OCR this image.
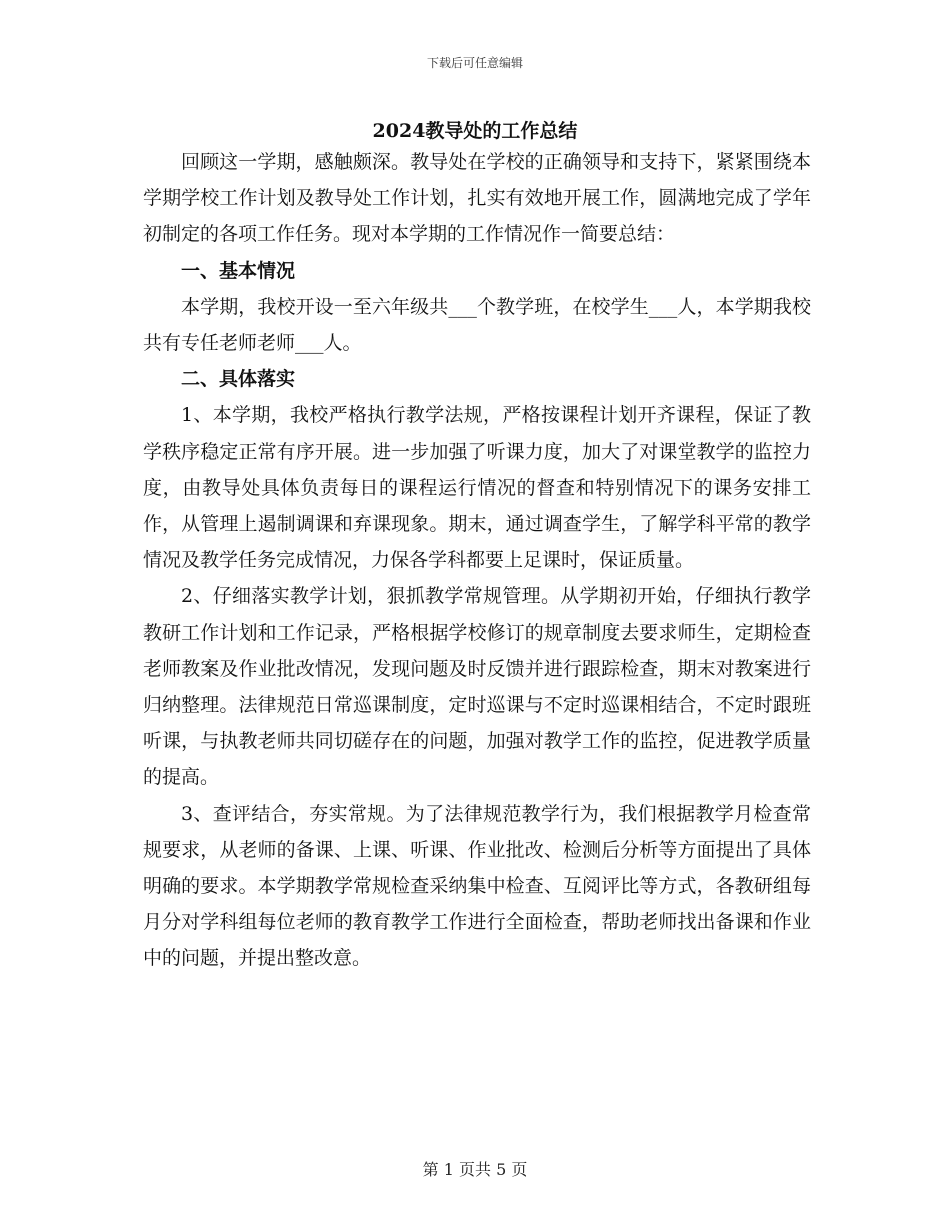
下载后可任意编辑
2024教导处的工作总结

回顾这一学期，感触颇深。教导处在学校的正确领导和支持下，紧紧围绕本学期学校工作计划及教导处工作计划，扎实有效地开展工作，圆满地完成了学年初制定的各项工作任务。现对本学期的工作情况作一简要总结：

一、基本情况

本学期，我校开设一至六年级共___个教学班，在校学生___人，本学期我校共有专任老师老师___人。

二、具体落实

1、本学期，我校严格执行教学法规，严格按课程计划开齐课程，保证了教学秩序稳定正常有序开展。进一步加强了听课力度，加大了对课堂教学的监控力度，由教导处具体负责每日的课程运行情况的督查和特别情况下的课务安排工作，从管理上遏制调课和弃课现象。期末，通过调查学生，了解学科平常的教学情况及教学任务完成情况，力保各学科都要上足课时，保证质量。

2、仔细落实教学计划，狠抓教学常规管理。从学期初开始，仔细执行教学教研工作计划和工作记录，严格根据学校修订的规章制度去要求师生，定期检查老师教案及作业批改情况，发现问题及时反馈并进行跟踪检查，期末对教案进行归纳整理。法律规范日常巡课制度，定时巡课与不定时巡课相结合，不定时跟班听课，与执教老师共同切磋存在的问题，加强对教学工作的监控，促进教学质量的提高。

3、查评结合，夯实常规。为了法律规范教学行为，我们根据教学月检查常规要求，从老师的备课、上课、听课、作业批改、检测后分析等方面提出了具体明确的要求。本学期教学常规检查采纳集中检查、互阅评比等方式，各教研组每月分对学科组每位老师的教育教学工作进行全面检查，帮助老师找出备课和作业中的问题，并提出整改意。

第 1 页共 5 页
